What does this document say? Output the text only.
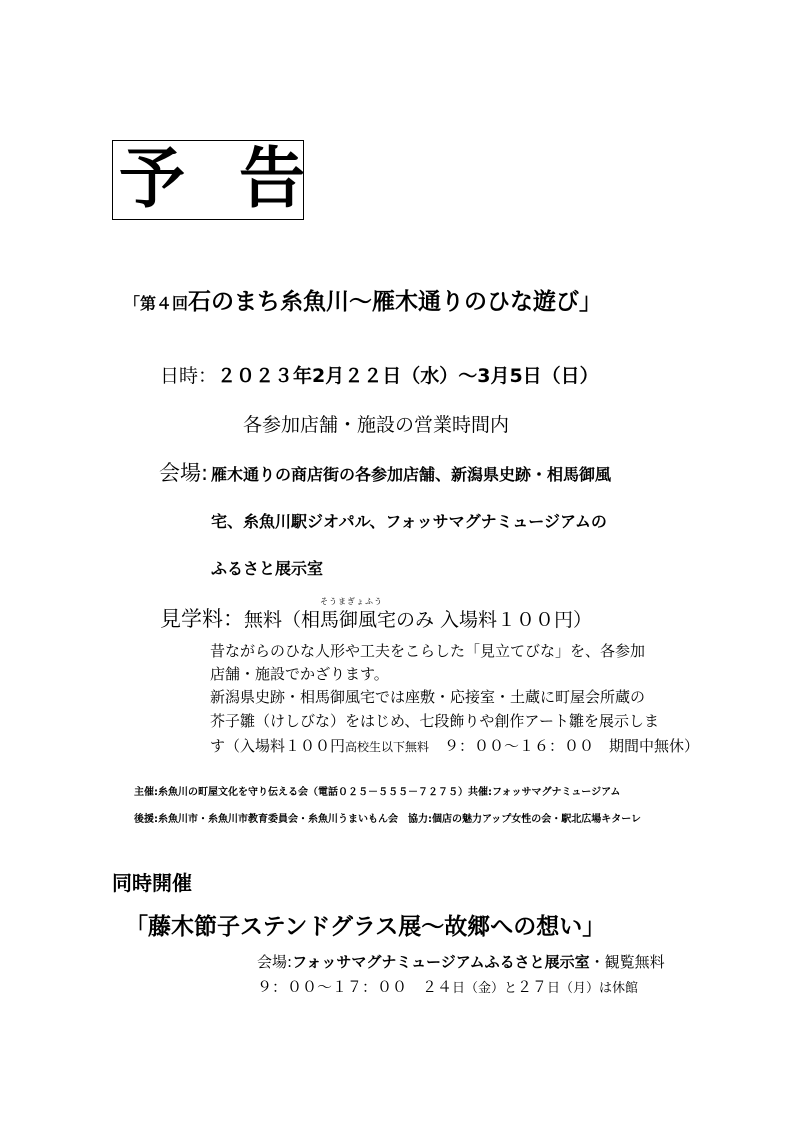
予 告
「第４回石のまち糸魚川～雁木通りのひな遊び」
日時：２０２３年2月２２日（水）～3月5日（日）
各参加店舗・施設の営業時間内
会場: 雁木通りの商店街の各参加店舗、新潟県史跡・相馬御風
宅、糸魚川駅ジオパル、フォッサマグナミュージアムの
ふるさと展示室
そうまぎょふう
見学料：無料（相馬御風宅のみ 入場料１００円）
昔ながらのひな人形や工夫をこらした「見立てびな」を、各参加
店舗・施設でかざります。
新潟県史跡・相馬御風宅では座敷・応接室・土蔵に町屋会所蔵の
芥子雛（けしびな）をはじめ、七段飾りや創作アート雛を展示しま
す（入場料１００円高校生以下無料　９：００～１６：００　期間中無休）
主催:糸魚川の町屋文化を守り伝える会（電話０２５－５５５－７２７５）共催:フォッサマグナミュージアム
後援:糸魚川市・糸魚川市教育委員会・糸魚川うまいもん会　協力:個店の魅力アップ女性の会・駅北広場キターレ
同時開催
「藤木節子ステンドグラス展～故郷への想い」
会場:フォッサマグナミュージアムふるさと展示室・観覧無料
９：００～１７：００　２４日（金）と２７日（月）は休館
